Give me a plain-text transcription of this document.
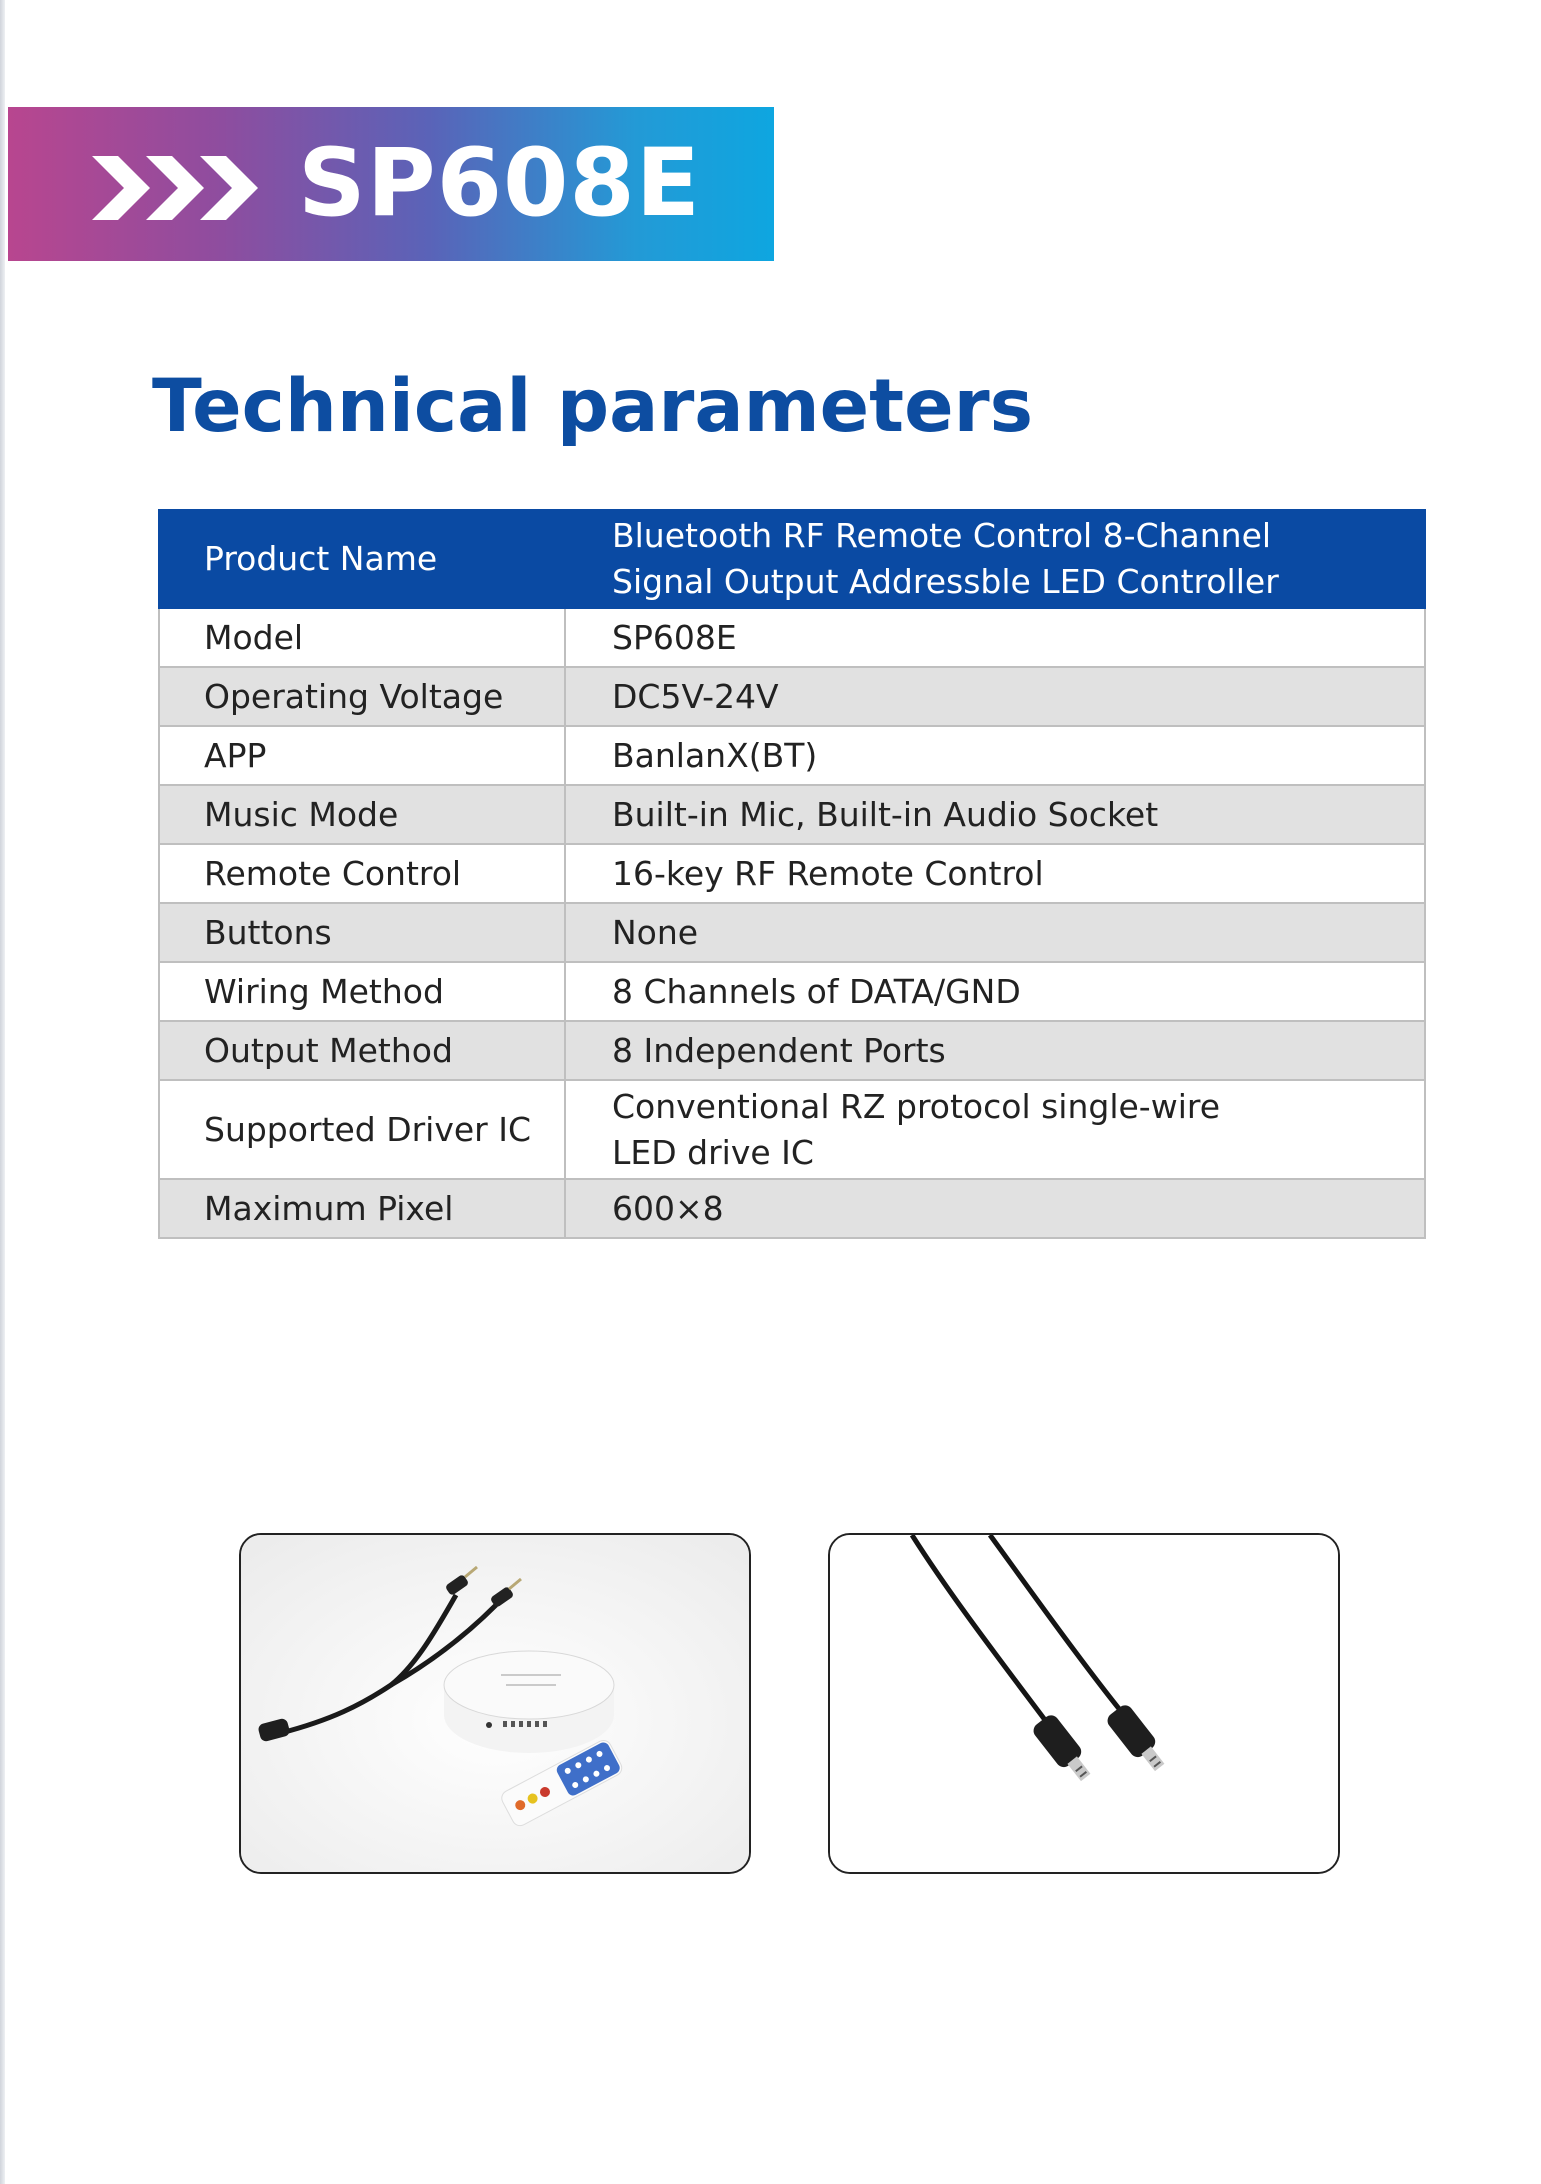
SP608E
Technical parameters
Product Name	Bluetooth RF Remote Control 8-Channel
Signal Output Addressble LED Controller

Model	SP608E
Operating Voltage	DC5V-24V
APP	BanlanX(BT)
Music Mode	Built-in Mic, Built-in Audio Socket
Remote Control	16-key RF Remote Control
Buttons	None
Wiring Method	8 Channels of DATA/GND
Output Method	8 Independent Ports
Supported Driver IC	Conventional RZ protocol single-wire
LED drive IC

Maximum Pixel	600×8
